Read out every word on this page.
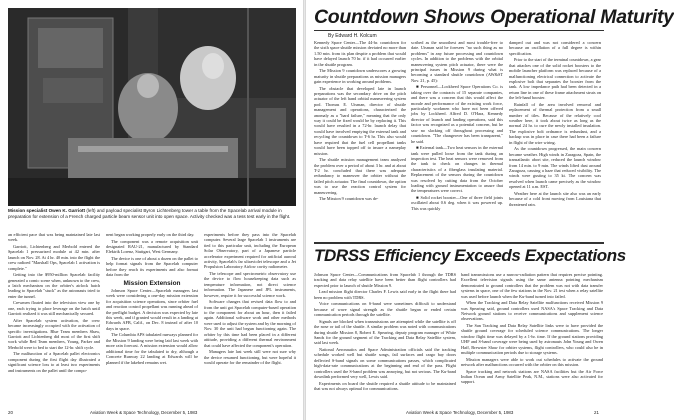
Mission specialist Owen K. Garriott (left) and payload specialist Byron Lichtenberg tower a table from the Spacelab arrival module in preparation for extension of a French charged particle beam sensor unit into open space. Activity checked was a tess test early in the flight.

an efficient pace that was being maintained late last week.

Garriott, Lichtenberg and Merbold entered the Spacelab 1 pressurized module at 42 min. after launch on Nov. 28. At 4 hr. 40 min. into the flight the crew radioed "Marshall Ops, Spacelab 1 activation is complete."

Getting into the $950-million Spacelab facility generated a comic scene when, unknown to the crew, a latch mechanism on the orbiter's airlock hatch leading to Spacelab "stuck" as the astronauts tried to enter the tunnel.

Crewmen floated into the television view one by one, each trying to place leverage on the hatch until Garriott realized it was still mechanically secured.

After Spacelab system activation, the crew became increasingly occupied with the activation of specific investigations. Blue Team members Shaw, Garriott and Lichtenberg did most of the first shift work while Red Team members, Young, Parker and Merbold were to bed to start the 12-hr. shift cycle.

The malfunction of a Spacelab pallet electronics component during the first flight day illustrated a significant science loss to at least two experiments and instruments on the pallet until the compo-

nent began working properly early on the third day.

The component was a remote acquisition unit designated RAU-21, manufactured by Standard Elektrik Lorenz, Stuttgart, West Germany.

The device is one of about a dozen on the pallet to help format signals from the Spacelab computer before they reach its experiments and also format data from the

Mission Extension

Johnson Space Center—Spacelab managers last week were considering a one-day mission extension for acquisition science operations, since orbiter fuel and reaction control propellant was running ahead of the preflight budget. A decision was expected by late this week, and if granted would result in a landing at Edwards AFB, Calif., on Dec. 8 instead of after 10 days in space.

The Columbia APS tabulated runways planned for the Mission 9 landing were being laid last week with more rain forecast. A mission extension would allow additional time for the tabulated to dry, although a Concrete Runway 22 landing at Edwards will be planned if the lakebed remains wet.

experiments before they pass into the Spacelab computer. Several large Spacelab 1 instruments are tied to this particular unit, including the European Solar Observatory, part of a Japanese particle accelerator experiment required for artificial auroral activity, Spacelab's far ultraviolet telescope and a Jet Propulsion Laboratory Airlow cavity radiometer.

The telescope and spectrometric observatory use the device to flow housekeeping data such as temperature information, not direct science information. The Japanese and JPL instruments, however, require it for successful science work.

Software changes that revised data flow to and from the unit got Spacelab computer-based operation to the component for about an hour, then it failed again. Additional software work and other methods were used to adjust the system and by the morning of Nov. 30 the unit had begun functioning again. The orbiter by this time had been placed in a different attitude, providing a different thermal environment that could have affected the component's operation.

Managers late last week still were not sure why the device resumed functioning, but were hopeful it would operate for the remainder of the flight.

20	Aviation Week & Space Technology, December 5, 1983
Countdown Shows Operational Maturity
By Edward H. Kolcum

Kennedy Space Center—The 44-hr. countdown for the sixth space shuttle mission deviated no more than 1.50 min. from its plan despite a problem that would have delayed launch 70 hr. if it had occurred earlier in the shuttle program.

The Mission 9 countdown underscores a growing maturity in shuttle preparations as mission managers gain experience in working around problems.

The obstacle that developed late in launch preparations was the secondary drive on the pitch actuator of the left hand orbital maneuvering system pod. Thomas E. Utsman, director of shuttle management and operations, characterized the anomaly as a "hard failure," meaning that the only way it could be fixed would be by replacing it. This would have resulted in a 72-hr. launch delay that would have involved emptying the external tank and recycling the countdown to T-6 hr. This also would have required that the fuel cell propellant tanks would have been topped off to insure a nameplay mission.

The shuttle mission management team analyzed the problem over a period of about 3 hr. and at about T-2 hr. concluded that there was adequate redundancy to maneuver the orbiter without the failed pitch actuator. The final countdown, the option was to use the reaction control system for maneuvering.

The Mission 9 countdown was de-

scribed as the smoothest and most trouble-free to date. Utsman said he foresees "no such thing as no problems" in any future processing and countdown cycles. In addition to the problems with the orbital maneuvering system pitch actuator, there were the principal issues in Mission 9 during what is becoming a standard shuttle countdown (AW&ST Nov. 21, p. 45):

■ Personnel—Lockheed Space Operations Co. is taking over the contracts of 15 separate companies, and there was a concern that this would affect the morale and performance of the existing work force, particularly workmen who have not been offered jobs by Lockheed. Alfred D. O'Hara, Kennedy director of launch and landing operations, said this factor was recognized as a potential concern, but he saw no slacking off throughout processing and countdown. "The changeover has been transparent," he said.

■ External tank—Two heat sensors in the external tank were pulled loose from the tank during an inspection test. The heat sensors were removed from the tank to check on changes in thermal characteristics of a fiberglass insulating material. Replacement of the sensors during the countdown was resolved by cutting data from the October loading with ground instrumentation to assure that the temperatures were correct.

■ Solid rocket booster—One of three field joints oscillated about 0.6 deg. when it was powered up. This was quickly

damped out and was not considered a concern because an oscillation of a full degree is within specification.

Prior to the start of the terminal countdown, a gear that attaches one of the solid rocket boosters to the mobile launcher platform was replaced because of a malfunctioning electrical connection to activate the explosive bolt that separates the booster from the tank. A low impedance path had been detected in a return line in one of these frame attachment struts on the left-hand booster.

Rainfall of the area involved removal and replacement of thermal protection from a small number of tiles. Because of the relatively cool weather here, it took about twice as long as the normal 24 hr. to cure the newly installed insulation. The explosive bolt ordnance is redundant, and a backup was in place in case there had been a failure in flight of the wire wiring.

As the countdown progressed, the main concern became weather. High winds in Zaragoza, Spain, the transatlantic abort site, reduced the launch window from 14 min. to 9 min. The winds lifted dust around Zaragoza, causing a haze that reduced visibility. The winds were gusting to 35 kt. The concern was resolved when launch came precisely as the window opened at 11 a.m. EST.

Weather here at the launch site also was an early because of a cold front moving from Louisiana that threatened rain.

TDRSS Efficiency Exceeds Expectations

Johnson Space Center—Communications from Spacelab 1 through the TDRS tracking and data relay satellite have been better than flight controllers had expected prior to launch of shuttle Mission 9.

Lead mission flight director Charles F. Lewis said early in the flight there had been no problem with TDRS.

Voice communications on S-band were sometimes difficult to understand because of wave signal strength as the shuttle began or ended certain communication periods through the satellite.

Signals are blocked when transmissions are attempted while the satellite is off the nose or tail of the shuttle. A similar problem was noted with communications during shuttle Mission 8, Robert E. Spearing, deputy program manager of White Sands for the ground segment of the Tracking and Data Relay Satellite system, said last week.

National Aeronautics and Space Administration officials said the tracking schedule worked well but shuttle songs, fail surfaces and cargo bay doors deflected S-band signals on some communications passes, which complicated high-data-rate communications at the beginning and end of the pass. Flight controllers used the S-band problem was annoying, but not serious. The Ku-band downlink performed very well, Lewis said.

Experiments on board the shuttle required a shuttle attitude to be maintained that was not always optimal for communications.

band transmissions use a narrow-radiation pattern that requires precise pointing. Excellent television signals using the same antenna pointing mechanism demonstrated to ground controllers that the problem was not with data transfer systems in space, one of the few stations in the Nov. 21 test when a relay satellite was used before launch when the Ku-band turned into failed.

When the Tracking and Data Relay Satellite malfunctions received Mission 9 was Spearing said, ground controllers used NASA's Space Tracking and Data Network ground stations to receive communications and supplement science observations.

The San Tracking and Data Relay Satellite links were to have provided the shuttle ground coverage for scheduled science communications. The longer window flight time was delayed by a 1-hr. time. If the ground stations providing UHF and S-band coverage were being used by astronauts John Young and Owen Haff, Brewster Shaw for orbiter systems, flight controllers, who could also be in multiple communication periods due to storage systems.

Mission managers were able to work out schedules to activate the ground network after malfunctions occurred with the orbiter on this mission.

Space tracking and network stations are NASA facilities but the Air Force Indian Ocean and Army Satellite Peak, N.M., stations were also activated for support.

Aviation Week & Space Technology, December 5, 1983	21
